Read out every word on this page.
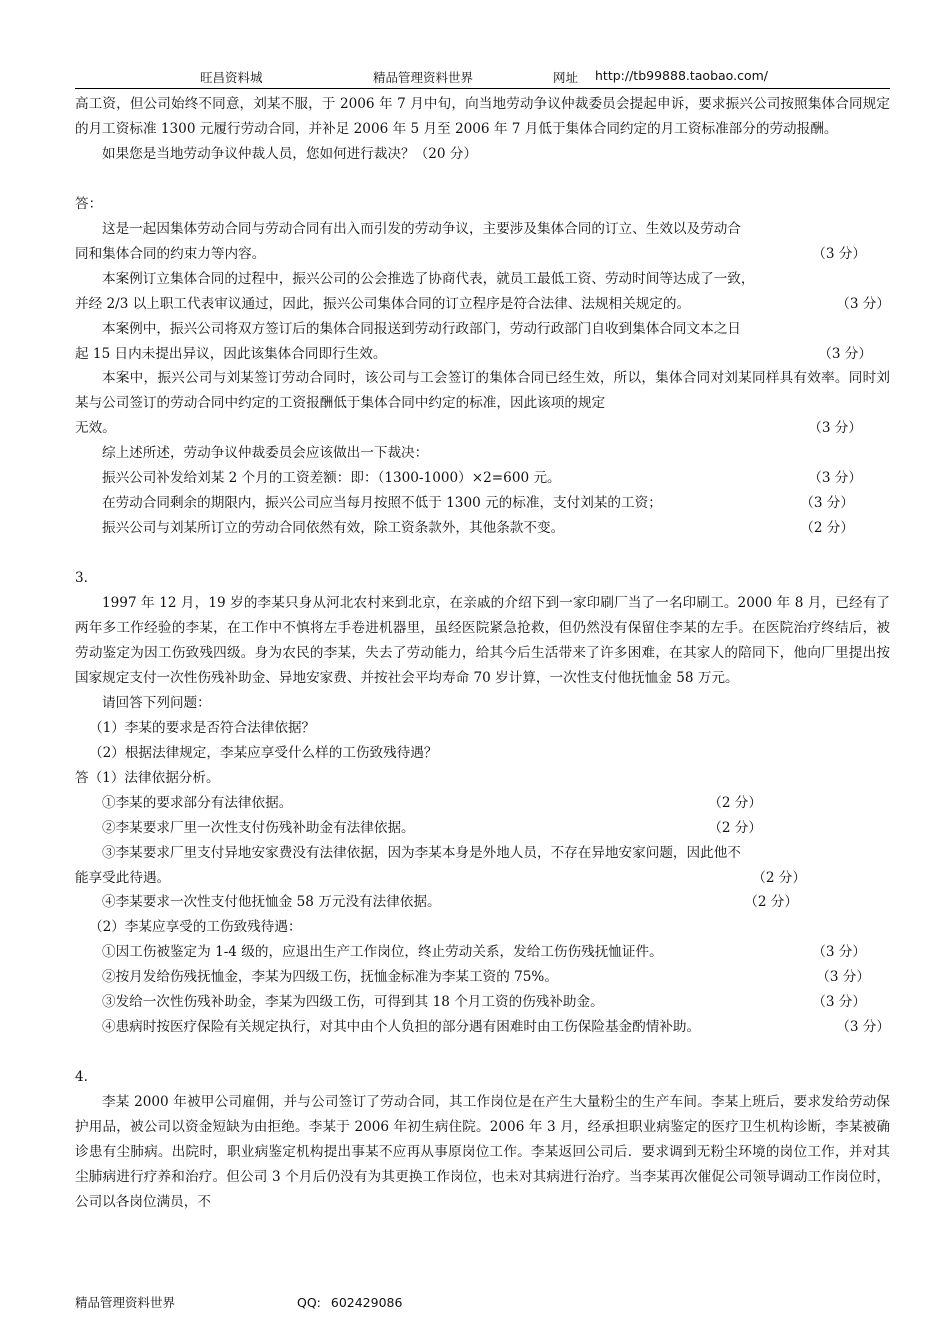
旺昌资料城	精品管理资料世界	网址 http://tb99888.taobao.com/

高工资，但公司始终不同意，刘某不服，于 2006 年 7 月中旬，向当地劳动争议仲裁委员会提起申诉，要求振兴公司按照集体合同规定的月工资标准 1300 元履行劳动合同，并补足 2006 年 5 月至 2006 年 7 月低于集体合同约定的月工资标准部分的劳动报酬。

如果您是当地劳动争议仲裁人员，您如何进行裁决？（20 分）

答：

这是一起因集体劳动合同与劳动合同有出入而引发的劳动争议，主要涉及集体合同的订立、生效以及劳动合

同和集体合同的约束力等内容。	（3 分）

本案例订立集体合同的过程中，振兴公司的公会推选了协商代表，就员工最低工资、劳动时间等达成了一致，

并经 2/3 以上职工代表审议通过，因此，振兴公司集体合同的订立程序是符合法律、法规相关规定的。	（3 分）

本案例中，振兴公司将双方签订后的集体合同报送到劳动行政部门，劳动行政部门自收到集体合同文本之日

起 15 日内未提出异议，因此该集体合同即行生效。	（3 分）

本案中，振兴公司与刘某签订劳动合同时，该公司与工会签订的集体合同已经生效，所以，集体合同对刘某同样具有效率。同时刘某与公司签订的劳动合同中约定的工资报酬低于集体合同中约定的标准，因此该项的规定

无效。	（3 分）

综上述所述，劳动争议仲裁委员会应该做出一下裁决：

振兴公司补发给刘某 2 个月的工资差额：即：（1300-1000）×2=600 元。	（3 分）
在劳动合同剩余的期限内，振兴公司应当每月按照不低于 1300 元的标准，支付刘某的工资；	（3 分）
振兴公司与刘某所订立的劳动合同依然有效，除工资条款外，其他条款不变。	（2 分）

3.

1997 年 12 月，19 岁的李某只身从河北农村来到北京，在亲戚的介绍下到一家印刷厂当了一名印刷工。2000 年 8 月，已经有了两年多工作经验的李某，在工作中不慎将左手卷进机器里，虽经医院紧急抢救，但仍然没有保留住李某的左手。在医院治疗终结后，被劳动鉴定为因工伤致残四级。身为农民的李某，失去了劳动能力，给其今后生活带来了许多困难，在其家人的陪同下，他向厂里提出按国家规定支付一次性伤残补助金、异地安家费、并按社会平均寿命 70 岁计算，一次性支付他抚恤金 58 万元。

请回答下列问题：

（1）李某的要求是否符合法律依据？

（2）根据法律规定，李某应享受什么样的工伤致残待遇？

答（1）法律依据分析。

①李某的要求部分有法律依据。	（2 分）
②李某要求厂里一次性支付伤残补助金有法律依据。	（2 分）

③李某要求厂里支付异地安家费没有法律依据，因为李某本身是外地人员，不存在异地安家问题，因此他不

能享受此待遇。	（2 分）
④李某要求一次性支付他抚恤金 58 万元没有法律依据。	（2 分）

（2）李某应享受的工伤致残待遇：

①因工伤被鉴定为 1-4 级的，应退出生产工作岗位，终止劳动关系，发给工伤伤残抚恤证件。	（3 分）
②按月发给伤残抚恤金，李某为四级工伤，抚恤金标准为李某工资的 75%。	（3 分）
③发给一次性伤残补助金，李某为四级工伤，可得到其 18 个月工资的伤残补助金。	（3 分）
④患病时按医疗保险有关规定执行，对其中由个人负担的部分遇有困难时由工伤保险基金酌情补助。	（3 分）

4.

李某 2000 年被甲公司雇佣，并与公司签订了劳动合同，其工作岗位是在产生大量粉尘的生产车间。李某上班后，要求发给劳动保护用品，被公司以资金短缺为由拒绝。李某于 2006 年初生病住院。2006 年 3 月，经承担职业病鉴定的医疗卫生机构诊断，李某被确诊患有尘肺病。出院时，职业病鉴定机构提出事某不应再从事原岗位工作。李某返回公司后．要求调到无粉尘环境的岗位工作，并对其尘肺病进行疗养和治疗。但公司 3 个月后仍没有为其更换工作岗位，也未对其病进行治疗。当李某再次催促公司领导调动工作岗位时，公司以各岗位满员，不

精品管理资料世界	QQ: 602429086
